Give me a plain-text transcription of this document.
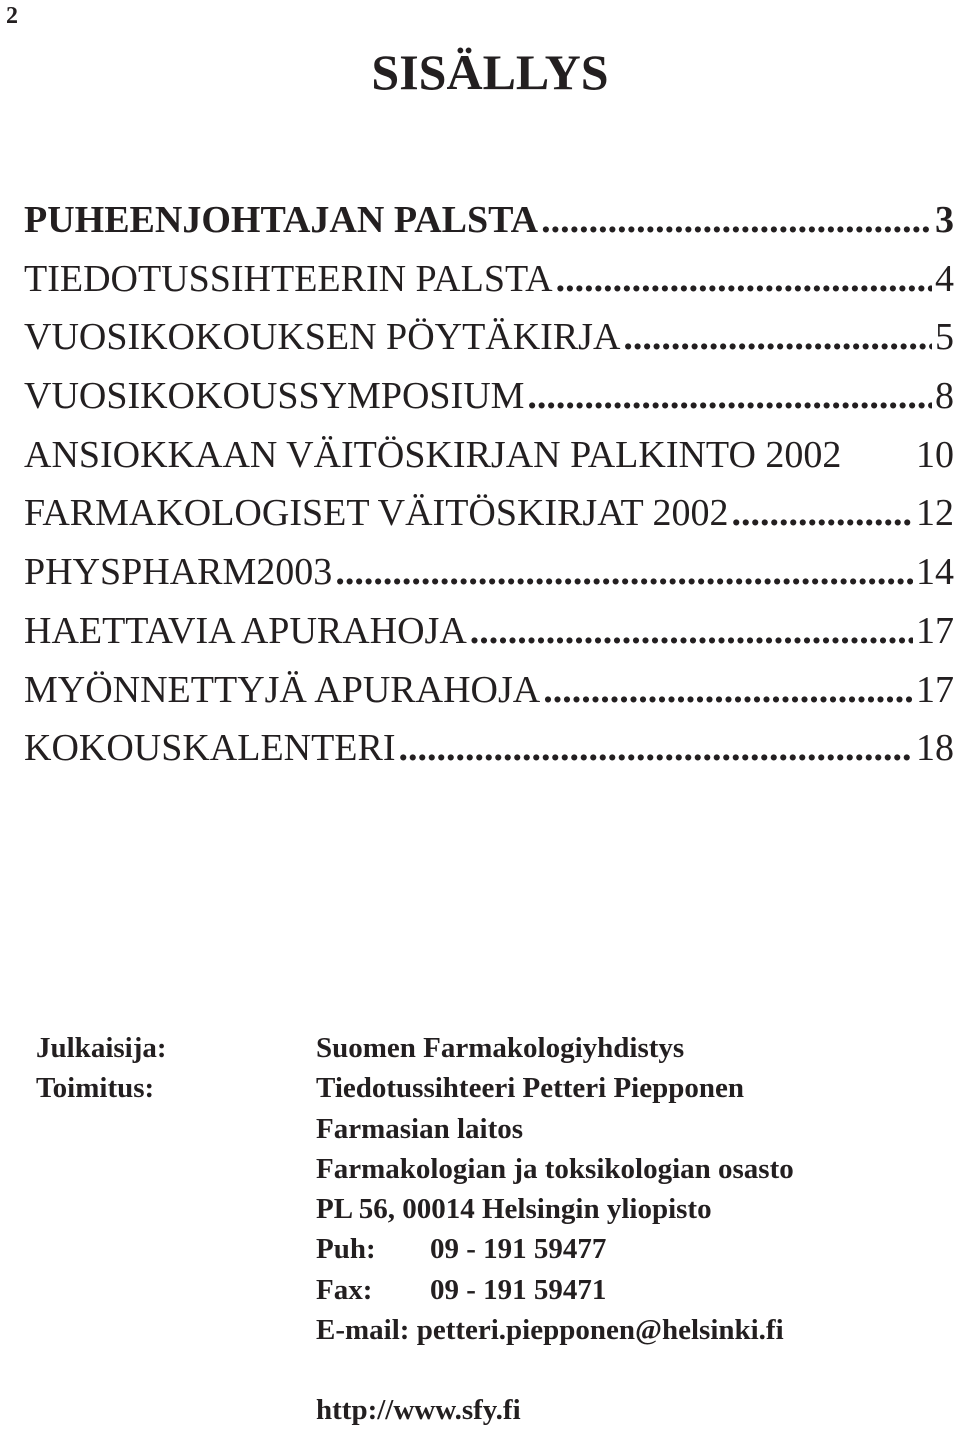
2
SISÄLLYS
PUHEENJOHTAJAN PALSTA .....	3
TIEDOTUSSIHTEERIN PALSTA .....	4
VUOSIKOKOUKSEN PÖYTÄKIRJA .....	5
VUOSIKOKOUSSYMPOSIUM .....	8
ANSIOKKAAN VÄITÖSKIRJAN PALKINTO 2002	10
FARMAKOLOGISET VÄITÖSKIRJAT 2002 .....	12
PHYSPHARM2003 .....	14
HAETTAVIA APURAHOJA .....	17
MYÖNNETTYJÄ APURAHOJA .....	17
KOKOUSKALENTERI .....	18
Julkaisija:	Suomen Farmakologiyhdistys
Toimitus:	Tiedotussihteeri Petteri Piepponen
Farmasian laitos
Farmakologian ja toksikologian osasto
PL 56, 00014 Helsingin yliopisto
Puh: 09 - 191 59477
Fax: 09 - 191 59471
E-mail: petteri.piepponen@helsinki.fi
http://www.sfy.fi
